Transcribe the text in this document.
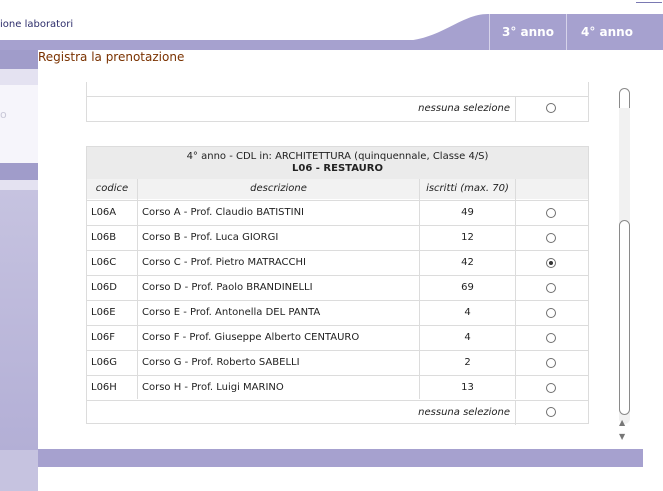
ione laboratori
3° anno	4° anno
o
Registra la prenotazione
nessuna selezione
4° anno - CDL in: ARCHITETTURA (quinquennale, Classe 4/S)
L06 - RESTAURO
codice	descrizione	iscritti (max. 70)
L06A	Corso A - Prof. Claudio BATISTINI	49
L06B	Corso B - Prof. Luca GIORGI	12
L06C	Corso C - Prof. Pietro MATRACCHI	42
L06D	Corso D - Prof. Paolo BRANDINELLI	69
L06E	Corso E - Prof. Antonella DEL PANTA	4
L06F	Corso F - Prof. Giuseppe Alberto CENTAURO	4
L06G	Corso G - Prof. Roberto SABELLI	2
L06H	Corso H - Prof. Luigi MARINO	13
nessuna selezione
▲
▼
